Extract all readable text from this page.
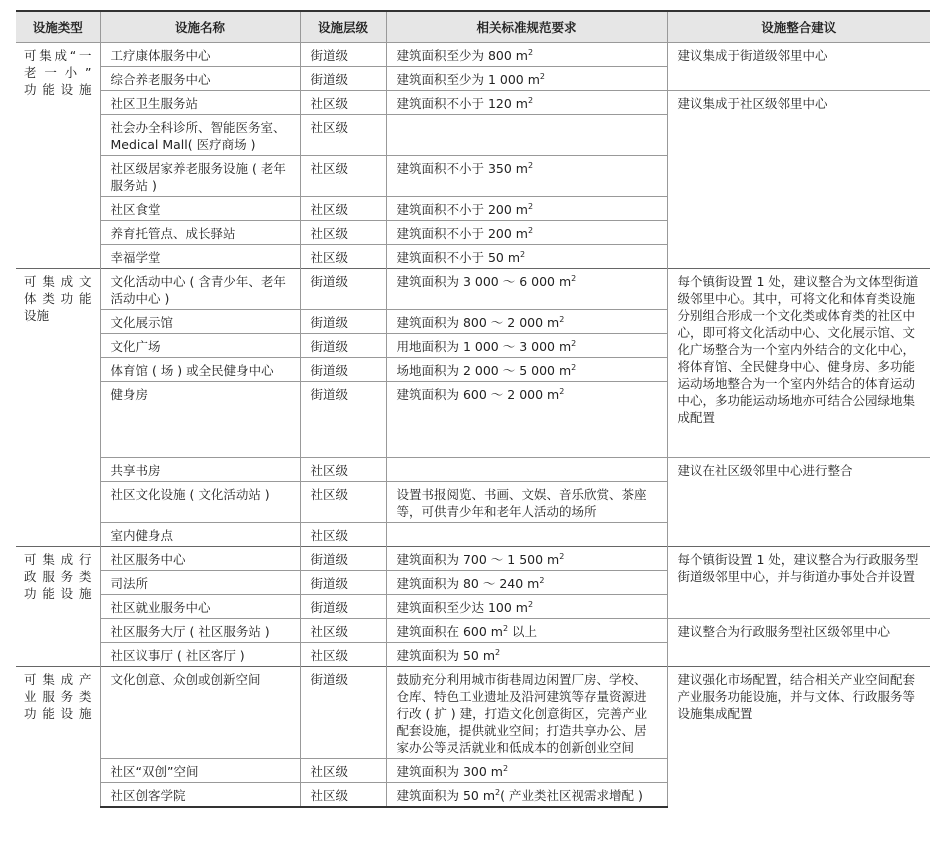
设施类型	设施名称	设施层级	相关标准规范要求	设施整合建议

可集成“一
老一小”
功能设施	工疗康体服务中心	街道级	建筑面积至少为 800 $m^2$	建议集成于街道级邻里中心
	综合养老服务中心	街道级	建筑面积至少为 1 000 $m^2$
	社区卫生服务站	社区级	建筑面积不小于 120 $m^2$	建议集成于社区级邻里中心
	社会办全科诊所、智能医务室、Medical Mall( 医疗商场 )	社区级		
	社区级居家养老服务设施 ( 老年服务站 )	社区级	建筑面积不小于 350 $m^2$
	社区食堂	社区级	建筑面积不小于 200 $m^2$
	养育托管点、成长驿站	社区级	建筑面积不小于 200 $m^2$
	幸福学堂	社区级	建筑面积不小于 50 $m^2$

可集成文
体类功能
设施	文化活动中心 ( 含青少年、老年活动中心 )	街道级	建筑面积为 3 000 ～ 6 000 $m^2$	每个镇街设置 1 处，建议整合为文体型街道级邻里中心。其中，可将文化和体育类设施分别组合形成一个文化类或体育类的社区中心，即可将文化活动中心、文化展示馆、文化广场整合为一个室内外结合的文化中心，将体育馆、全民健身中心、健身房、多功能运动场地整合为一个室内外结合的体育运动中心，多功能运动场地亦可结合公园绿地集成配置
	文化展示馆	街道级	建筑面积为 800 ～ 2 000 $m^2$
	文化广场	街道级	用地面积为 1 000 ～ 3 000 $m^2$
	体育馆 ( 场 ) 或全民健身中心	街道级	场地面积为 2 000 ～ 5 000 $m^2$
	健身房	街道级	建筑面积为 600 ～ 2 000 $m^2$
	共享书房	社区级		建议在社区级邻里中心进行整合
	社区文化设施 ( 文化活动站 )	社区级	设置书报阅览、书画、文娱、音乐欣赏、茶座等，可供青少年和老年人活动的场所	
	室内健身点	社区级		

可集成行
政服务类
功能设施	社区服务中心	街道级	建筑面积为 700 ～ 1 500 $m^2$	每个镇街设置 1 处，建议整合为行政服务型街道级邻里中心，并与街道办事处合并设置
	司法所	街道级	建筑面积为 80 ～ 240 $m^2$
	社区就业服务中心	街道级	建筑面积至少达 100 $m^2$
	社区服务大厅 ( 社区服务站 )	社区级	建筑面积在 600 $m^2$ 以上	建议整合为行政服务型社区级邻里中心
	社区议事厅 ( 社区客厅 )	社区级	建筑面积为 50 $m^2$

可集成产
业服务类
功能设施	文化创意、众创或创新空间	街道级	鼓励充分利用城市街巷周边闲置厂房、学校、仓库、特色工业遗址及沿河建筑等存量资源进行改 ( 扩 ) 建，打造文化创意街区，完善产业配套设施，提供就业空间；打造共享办公、居家办公等灵活就业和低成本的创新创业空间	建议强化市场配置，结合相关产业空间配套产业服务功能设施，并与文体、行政服务等设施集成配置
	社区“双创”空间	社区级	建筑面积为 300 $m^2$
	社区创客学院	社区级	建筑面积为 50 $m^2$( 产业类社区视需求增配 )	
